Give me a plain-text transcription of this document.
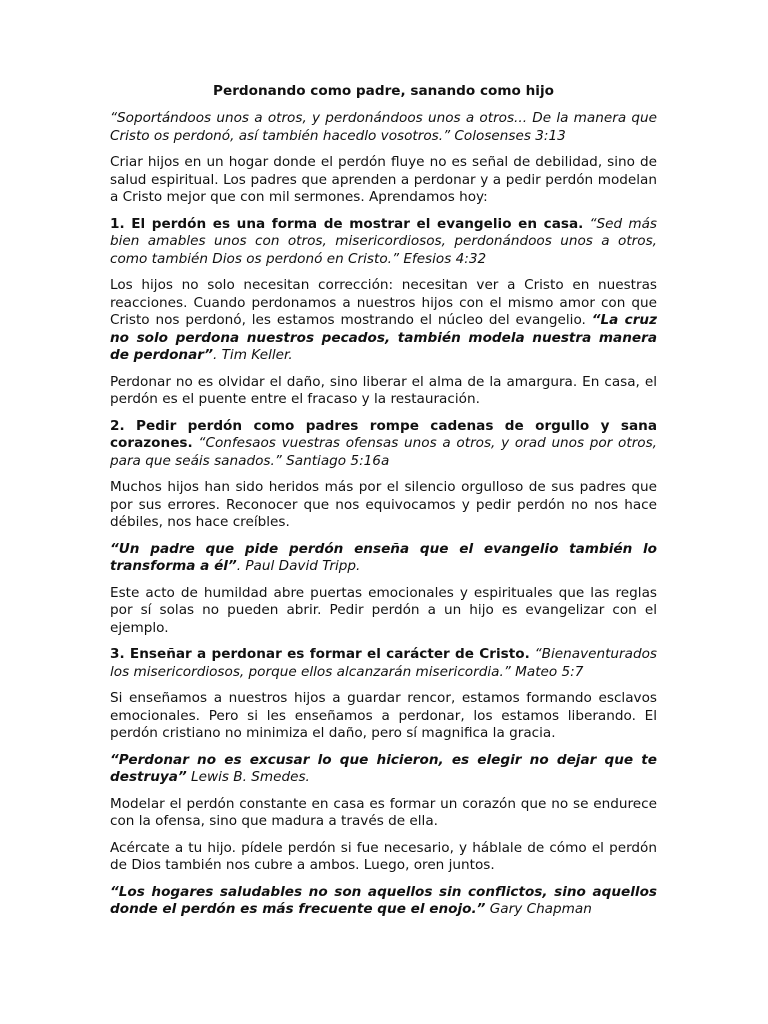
Perdonando como padre, sanando como hijo

“Soportándoos unos a otros, y perdonándoos unos a otros... De la manera que Cristo os perdonó, así también hacedlo vosotros.” Colosenses 3:13

Criar hijos en un hogar donde el perdón fluye no es señal de debilidad, sino de salud espiritual. Los padres que aprenden a perdonar y a pedir perdón modelan a Cristo mejor que con mil sermones. Aprendamos hoy:

1. El perdón es una forma de mostrar el evangelio en casa. “Sed más bien amables unos con otros, misericordiosos, perdonándoos unos a otros, como también Dios os perdonó en Cristo.” Efesios 4:32

Los hijos no solo necesitan corrección: necesitan ver a Cristo en nuestras reacciones. Cuando perdonamos a nuestros hijos con el mismo amor con que Cristo nos perdonó, les estamos mostrando el núcleo del evangelio. “La cruz no solo perdona nuestros pecados, también modela nuestra manera de perdonar”. Tim Keller.

Perdonar no es olvidar el daño, sino liberar el alma de la amargura. En casa, el perdón es el puente entre el fracaso y la restauración.

2. Pedir perdón como padres rompe cadenas de orgullo y sana corazones. “Confesaos vuestras ofensas unos a otros, y orad unos por otros, para que seáis sanados.” Santiago 5:16a

Muchos hijos han sido heridos más por el silencio orgulloso de sus padres que por sus errores. Reconocer que nos equivocamos y pedir perdón no nos hace débiles, nos hace creíbles.

“Un padre que pide perdón enseña que el evangelio también lo transforma a él”. Paul David Tripp.

Este acto de humildad abre puertas emocionales y espirituales que las reglas por sí solas no pueden abrir. Pedir perdón a un hijo es evangelizar con el ejemplo.

3. Enseñar a perdonar es formar el carácter de Cristo. “Bienaventurados los misericordiosos, porque ellos alcanzarán misericordia.” Mateo 5:7

Si enseñamos a nuestros hijos a guardar rencor, estamos formando esclavos emocionales. Pero si les enseñamos a perdonar, los estamos liberando. El perdón cristiano no minimiza el daño, pero sí magnifica la gracia.

“Perdonar no es excusar lo que hicieron, es elegir no dejar que te destruya” Lewis B. Smedes.

Modelar el perdón constante en casa es formar un corazón que no se endurece con la ofensa, sino que madura a través de ella.

Acércate a tu hijo. pídele perdón si fue necesario, y háblale de cómo el perdón de Dios también nos cubre a ambos. Luego, oren juntos.

“Los hogares saludables no son aquellos sin conflictos, sino aquellos donde el perdón es más frecuente que el enojo.” Gary Chapman
